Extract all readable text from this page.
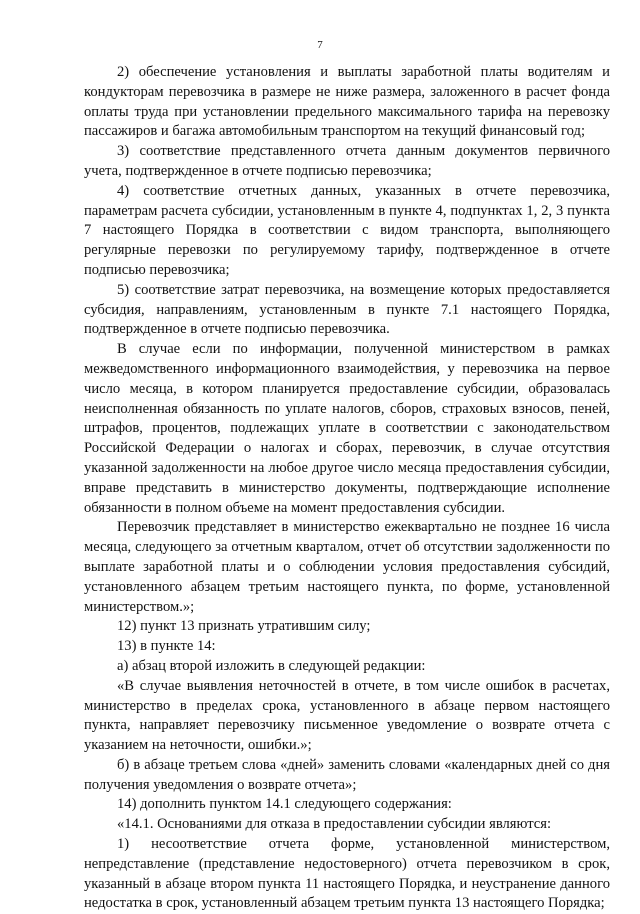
7

2) обеспечение установления и выплаты заработной платы водителям и кондукторам перевозчика в размере не ниже размера, заложенного в расчет фонда оплаты труда при установлении предельного максимального тарифа на перевозку пассажиров и багажа автомобильным транспортом на текущий финансовый год;

3) соответствие представленного отчета данным документов первичного учета, подтвержденное в отчете подписью перевозчика;

4) соответствие отчетных данных, указанных в отчете перевозчика, параметрам расчета субсидии, установленным в пункте 4, подпунктах 1, 2, 3 пункта 7 настоящего Порядка в соответствии с видом транспорта, выполняющего регулярные перевозки по регулируемому тарифу, подтвержденное в отчете подписью перевозчика;

5) соответствие затрат перевозчика, на возмещение которых предоставляется субсидия, направлениям, установленным в пункте 7.1 настоящего Порядка, подтвержденное в отчете подписью перевозчика.

В случае если по информации, полученной министерством в рамках межведомственного информационного взаимодействия, у перевозчика на первое число месяца, в котором планируется предоставление субсидии, образовалась неисполненная обязанность по уплате налогов, сборов, страховых взносов, пеней, штрафов, процентов, подлежащих уплате в соответствии с законодательством Российской Федерации о налогах и сборах, перевозчик, в случае отсутствия указанной задолженности на любое другое число месяца предоставления субсидии, вправе представить в министерство документы, подтверждающие исполнение обязанности в полном объеме на момент предоставления субсидии.

Перевозчик представляет в министерство ежеквартально не позднее 16 числа месяца, следующего за отчетным кварталом, отчет об отсутствии задолженности по выплате заработной платы и о соблюдении условия предоставления субсидий, установленного абзацем третьим настоящего пункта, по форме, установленной министерством.»;

12) пункт 13 признать утратившим силу;

13) в пункте 14:

а) абзац второй изложить в следующей редакции:

«В случае выявления неточностей в отчете, в том числе ошибок в расчетах, министерство в пределах срока, установленного в абзаце первом настоящего пункта, направляет перевозчику письменное уведомление о возврате отчета с указанием на неточности, ошибки.»;

б) в абзаце третьем слова «дней» заменить словами «календарных дней со дня получения уведомления о возврате отчета»;

14) дополнить пунктом 14.1 следующего содержания:

«14.1. Основаниями для отказа в предоставлении субсидии являются:

1) несоответствие отчета форме, установленной министерством, непредставление (представление недостоверного) отчета перевозчиком в срок, указанный в абзаце втором пункта 11 настоящего Порядка, и неустранение данного недостатка в срок, установленный абзацем третьим пункта 13 настоящего Порядка;
